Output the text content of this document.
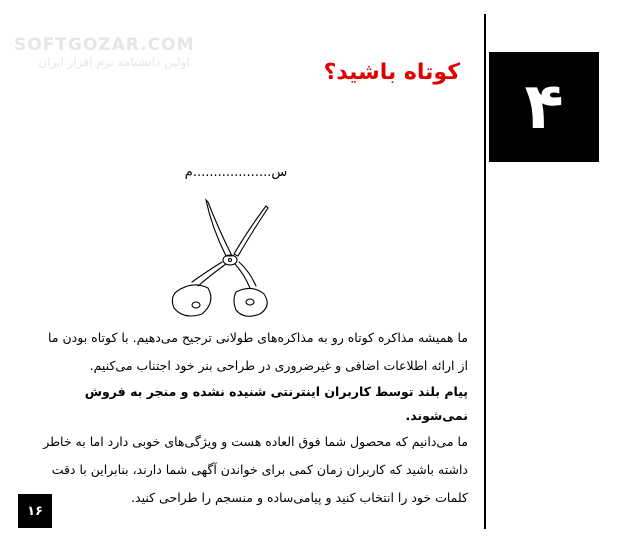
SOFTGOZAR.COM
اولین دانشنامه نرم افزار ایران
۴
کوتاه باشید؟
س...................م

ما همیشه مذاکره کوتاه رو به مذاکره‌های طولانی ترجیح می‌دهیم. با کوتاه بودن ما از ارائه اطلاعات اضافی و غیرضروری در طراحی بنر خود اجتناب می‌کنیم.

پیام بلند توسط کاربران اینترنتی شنیده نشده و منجر به فروش نمی‌شوند.

ما می‌دانیم که محصول شما فوق العاده هست و ویژگی‌های خوبی دارد اما به خاطر داشته باشید که کاربران زمان کمی برای خواندن آگهی شما دارند، بنابراین با دقت کلمات خود را انتخاب کنید و پیامی‌ساده و منسجم را طراحی کنید.

۱۶
